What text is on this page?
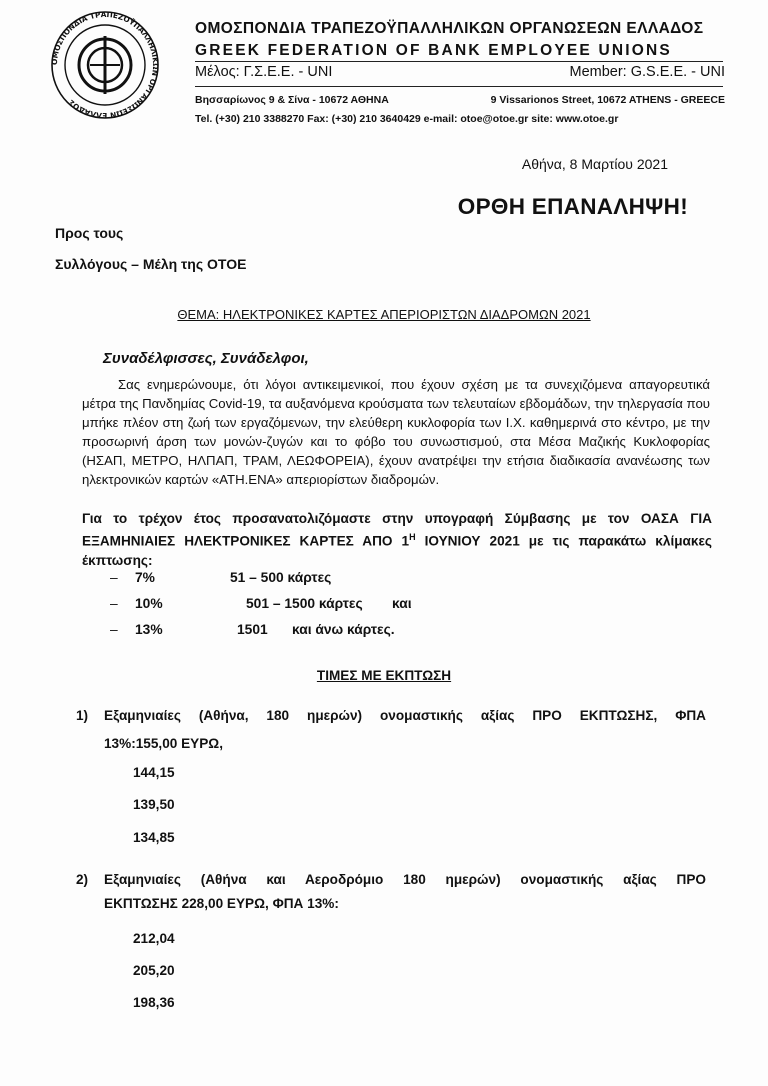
ΟΜΟΣΠΟΝΔΙΑ ΤΡΑΠΕΖΟΫΠΑΛΛΗΛΙΚΩΝ ΟΡΓΑΝΩΣΕΩΝ ΕΛΛΑΔΟΣ
ΟΜΟΣΠΟΝΔΙΑ ΤΡΑΠΕΖΟΫΠΑΛΛΗΛΙΚΩΝ ΟΡΓΑΝΩΣΕΩΝ ΕΛΛΑΔΟΣ
GREEK FEDERATION OF BANK EMPLOYEE UNIONS
Μέλος: Γ.Σ.Ε.Ε. - UNI	Member: G.S.E.E. - UNI
Βησσαρίωνος 9 & Σίνα - 10672 ΑΘΗΝΑ	9 Vissarionos Street, 10672 ATHENS - GREECE
Tel. (+30) 210 3388270 Fax: (+30) 210 3640429 e-mail: otoe@otoe.gr site: www.otoe.gr
Αθήνα, 8 Μαρτίου 2021
ΟΡΘΗ ΕΠΑΝΑΛΗΨΗ!
Προς τους
Συλλόγους – Μέλη της ΟΤΟΕ
ΘΕΜΑ: ΗΛΕΚΤΡΟΝΙΚΕΣ ΚΑΡΤΕΣ ΑΠΕΡΙΟΡΙΣΤΩΝ ΔΙΑΔΡΟΜΩΝ 2021
Συναδέλφισσες, Συνάδελφοι,
Σας ενημερώνουμε, ότι λόγοι αντικειμενικοί, που έχουν σχέση με τα συνεχιζόμενα απαγορευτικά μέτρα της Πανδημίας Covid-19, τα αυξανόμενα κρούσματα των τελευταίων εβδομάδων, την τηλεργασία που μπήκε πλέον στη ζωή των εργαζόμενων, την ελεύθερη κυκλοφορία των Ι.Χ. καθημερινά στο κέντρο, με την προσωρινή άρση των μονών-ζυγών και το φόβο του συνωστισμού, στα Μέσα Μαζικής Κυκλοφορίας (ΗΣΑΠ, ΜΕΤΡΟ, ΗΛΠΑΠ, ΤΡΑΜ, ΛΕΩΦΟΡΕΙΑ), έχουν ανατρέψει την ετήσια διαδικασία ανανέωσης των ηλεκτρονικών καρτών «ΑΤΗ.ΕΝΑ» απεριορίστων διαδρομών.
Για το τρέχον έτος προσανατολιζόμαστε στην υπογραφή Σύμβασης με τον ΟΑΣΑ ΓΙΑ ΕΞΑΜΗΝΙΑΙΕΣ ΗΛΕΚΤΡΟΝΙΚΕΣ ΚΑΡΤΕΣ ΑΠΟ $1^H$ ΙΟΥΝΙΟΥ 2021 με τις παρακάτω κλίμακες έκπτωσης:
– 7%	51 – 500 κάρτες
– 10%	501 – 1500 κάρτες και
– 13%	1501 και άνω κάρτες.
ΤΙΜΕΣ ΜΕ ΕΚΠΤΩΣΗ
1) Εξαμηνιαίες (Αθήνα, 180 ημερών) ονομαστικής αξίας ΠΡΟ ΕΚΠΤΩΣΗΣ, ΦΠΑ
13%:155,00 ΕΥΡΩ,
144,15
139,50
134,85
2) Εξαμηνιαίες (Αθήνα και Αεροδρόμιο 180 ημερών) ονομαστικής αξίας ΠΡΟ
ΕΚΠΤΩΣΗΣ 228,00 ΕΥΡΩ, ΦΠΑ 13%:
212,04
205,20
198,36
